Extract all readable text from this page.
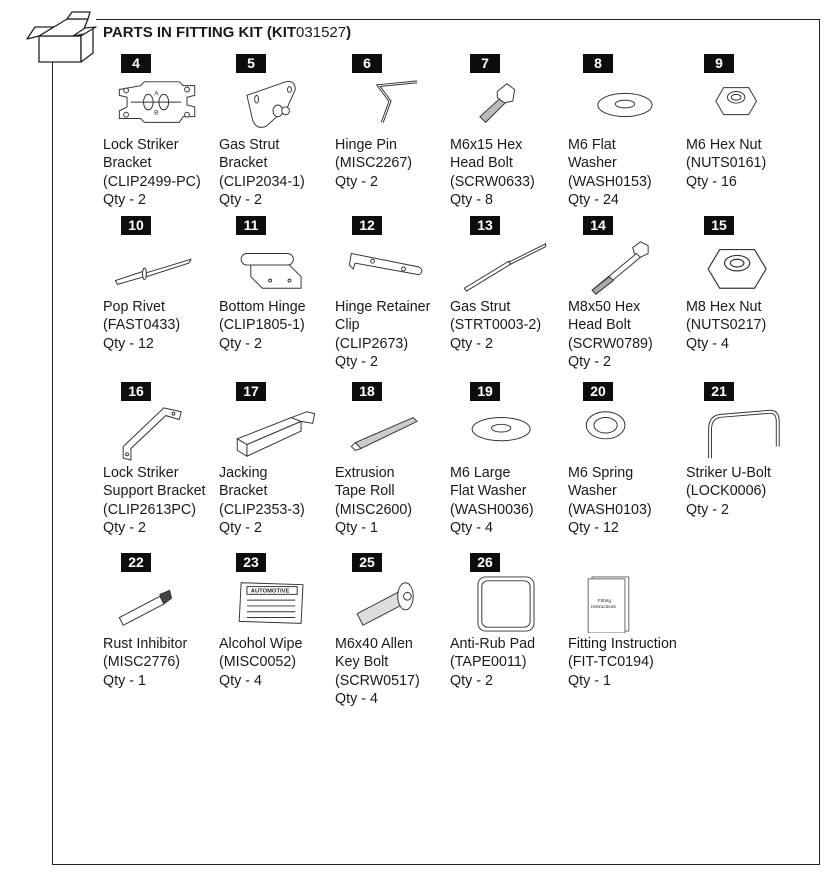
PARTS IN FITTING KIT (KIT031527)
4
A
B
Lock Striker
Bracket
(CLIP2499-PC)
Qty - 2
5
Gas Strut
Bracket
(CLIP2034-1)
Qty - 2
6
Hinge Pin
(MISC2267)
Qty - 2
7
M6x15 Hex
Head Bolt
(SCRW0633)
Qty - 8
8
M6 Flat
Washer
(WASH0153)
Qty - 24
9
M6 Hex Nut
(NUTS0161)
Qty - 16
10
Pop Rivet
(FAST0433)
Qty - 12
11
Bottom Hinge
(CLIP1805-1)
Qty - 2
12
Hinge Retainer
Clip
(CLIP2673)
Qty - 2
13
Gas Strut
(STRT0003-2)
Qty - 2
14
M8x50 Hex
Head Bolt
(SCRW0789)
Qty - 2
15
M8 Hex Nut
(NUTS0217)
Qty - 4
16
Lock Striker
Support Bracket
(CLIP2613PC)
Qty - 2
17
Jacking
Bracket
(CLIP2353-3)
Qty - 2
18
Extrusion
Tape Roll
(MISC2600)
Qty - 1
19
M6 Large
Flat Washer
(WASH0036)
Qty - 4
20
M6 Spring
Washer
(WASH0103)
Qty - 12
21
Striker U-Bolt
(LOCK0006)
Qty - 2
22
Rust Inhibitor
(MISC2776)
Qty - 1
23
AUTOMOTIVE
Alcohol Wipe
(MISC0052)
Qty - 4
25
M6x40 Allen
Key Bolt
(SCRW0517)
Qty - 4
26
Anti-Rub Pad
(TAPE0011)
Qty - 2
Fitting
Instructions
Fitting Instruction
(FIT-TC0194)
Qty - 1
